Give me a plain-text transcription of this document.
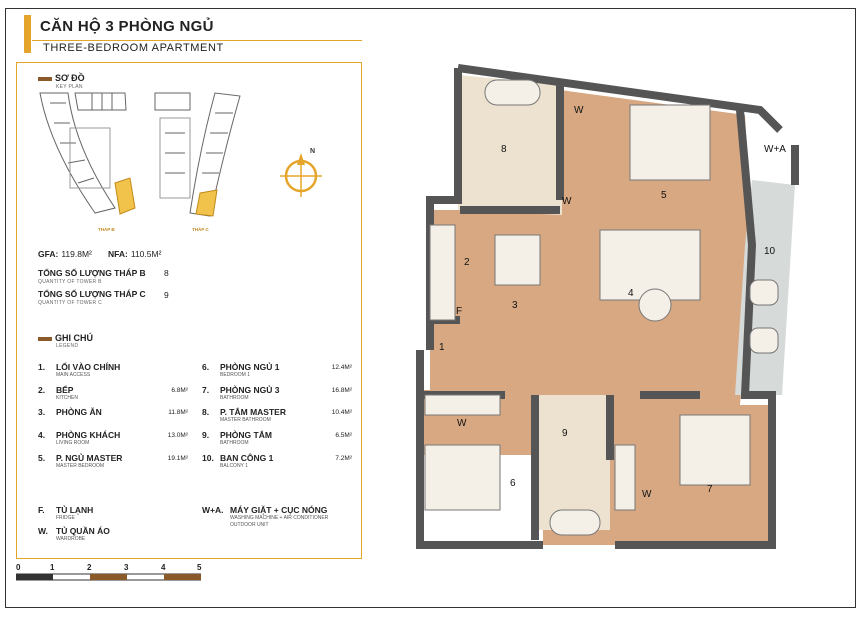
CĂN HỘ 3 PHÒNG NGỦ
THREE-BEDROOM APARTMENT
SƠ ĐỒ
KEY PLAN
THÁP B	THÁP C
N
GFA: 119.8M² NFA: 110.5M²
TỔNG SỐ LƯỢNG THÁP B
QUANTITY OF TOWER B
8
TỔNG SỐ LƯỢNG THÁP C
QUANTITY OF TOWER C
9
GHI CHÚ
LEGEND
1. LỐI VÀO CHÍNH
MAIN ACCESS
2. BẾP
KITCHEN
6.8M²
3. PHÒNG ĂN	11.8M²
4. PHÒNG KHÁCH
LIVING ROOM
13.0M²
5. P. NGỦ MASTER
MASTER BEDROOM
19.1M²
6. PHÒNG NGỦ 1
BEDROOM 1
12.4M²
7. PHÒNG NGỦ 3
BATHROOM
16.8M²
8. P. TẮM MASTER
MASTER BATHROOM
10.4M²
9. PHÒNG TẮM
BATHROOM
6.5M²
10. BAN CÔNG 1
BALCONY 1
7.2M²
F. TỦ LẠNH
FRIDGE
W. TỦ QUẦN ÁO
WARDROBE
W+A. MÁY GIẶT + CỤC NÓNG
WASHING MACHINE + AIR CONDITIONER
OUTDOOR UNIT
0	1	2	3	4	5
8
5
2
3
4
10
1
9
6
7
F
W
W
W
W
W+A
